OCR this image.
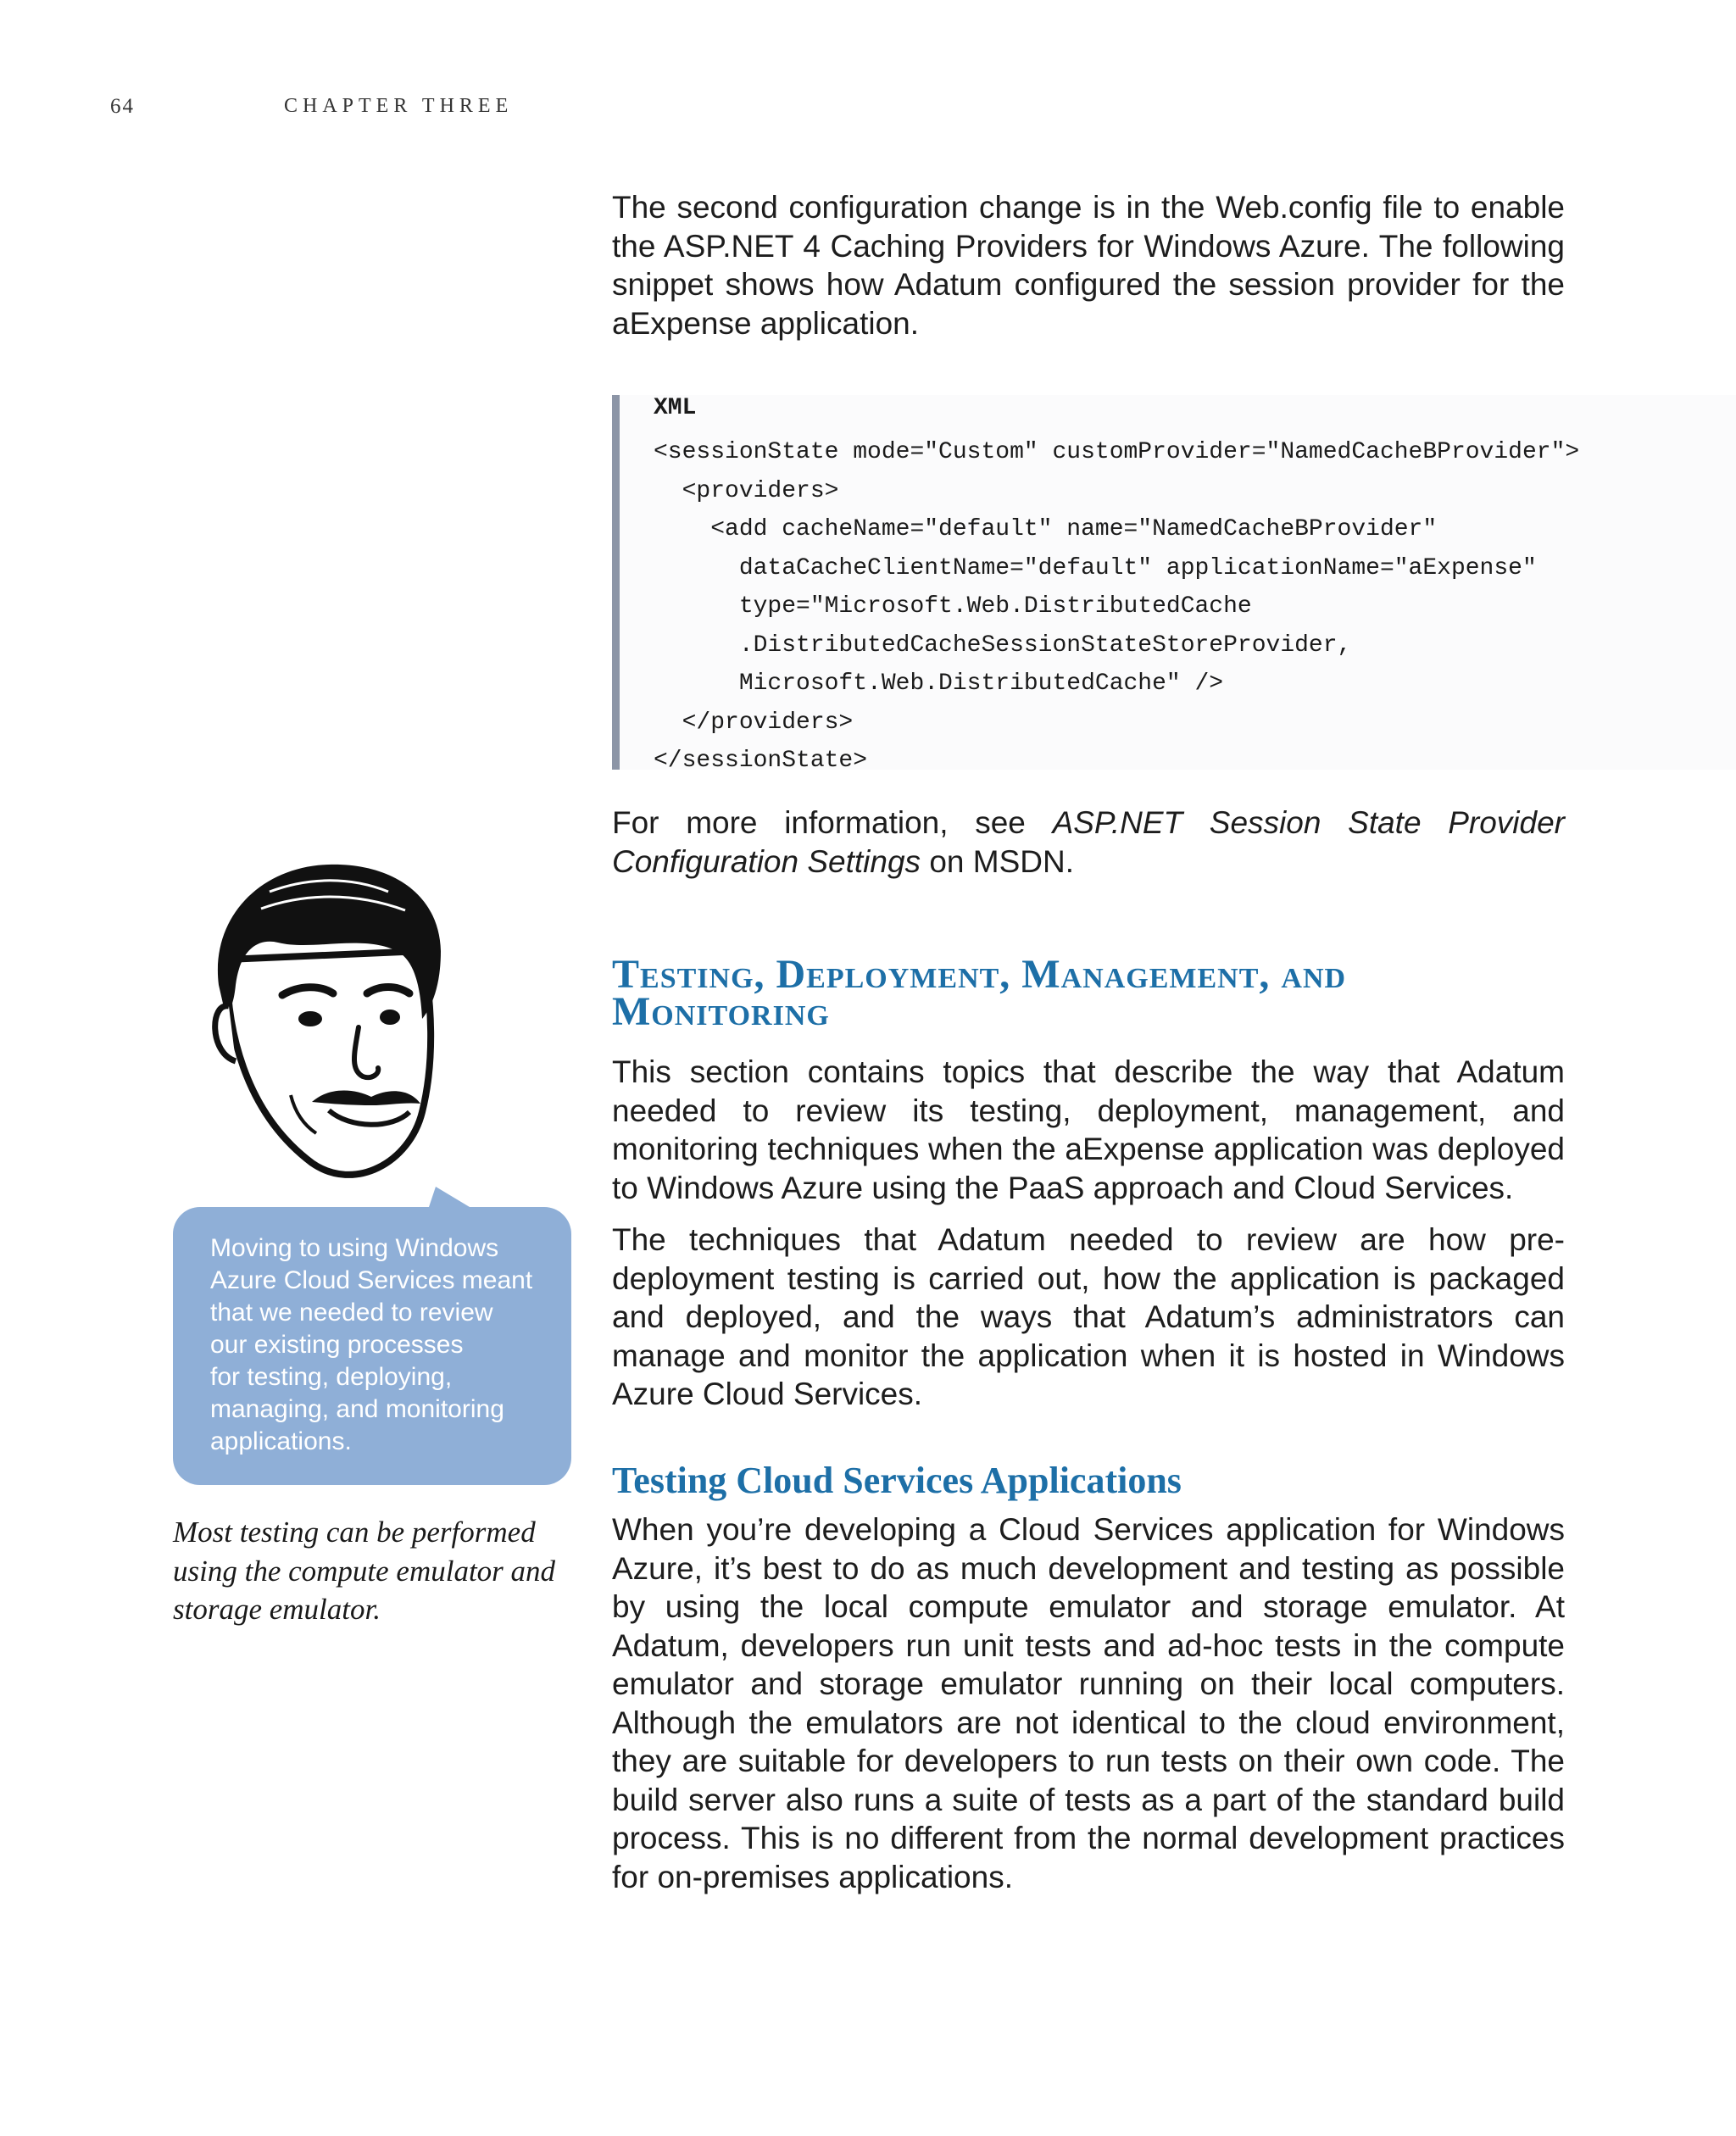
64	CHAPTER THREE

The second configuration change is in the Web.config file to enable the ASP.NET 4 Caching Providers for Windows Azure. The following snippet shows how Adatum configured the session provider for the aExpense application.

XML
<sessionState mode="Custom" customProvider="NamedCacheBProvider">
<providers>
<add cacheName="default" name="NamedCacheBProvider"
dataCacheClientName="default" applicationName="aExpense"
type="Microsoft.Web.DistributedCache
.DistributedCacheSessionStateStoreProvider,
Microsoft.Web.DistributedCache" />
</providers>
</sessionState>

For more information, see ASP.NET Session State Provider Configuration Settings on MSDN.

Testing, Deployment, Management, and Monitoring

This section contains topics that describe the way that Adatum needed to review its testing, deployment, management, and monitoring techniques when the aExpense application was deployed to Windows Azure using the PaaS approach and Cloud Services.

The techniques that Adatum needed to review are how pre-deployment testing is carried out, how the application is packaged and deployed, and the ways that Adatum’s administrators can manage and monitor the application when it is hosted in Windows Azure Cloud Services.

Testing Cloud Services Applications

When you’re developing a Cloud Services application for Windows Azure, it’s best to do as much development and testing as possible by using the local compute emulator and storage emulator. At Adatum, developers run unit tests and ad-hoc tests in the compute emulator and storage emulator running on their local computers. Although the emulators are not identical to the cloud environment, they are suitable for developers to run tests on their own code. The build server also runs a suite of tests as a part of the standard build process. This is no different from the normal development practices for on-premises applications.

Moving to using Windows
Azure Cloud Services meant
that we needed to review
our existing processes
for testing, deploying,
managing, and monitoring
applications.
Most testing can be performed
using the compute emulator and
storage emulator.
